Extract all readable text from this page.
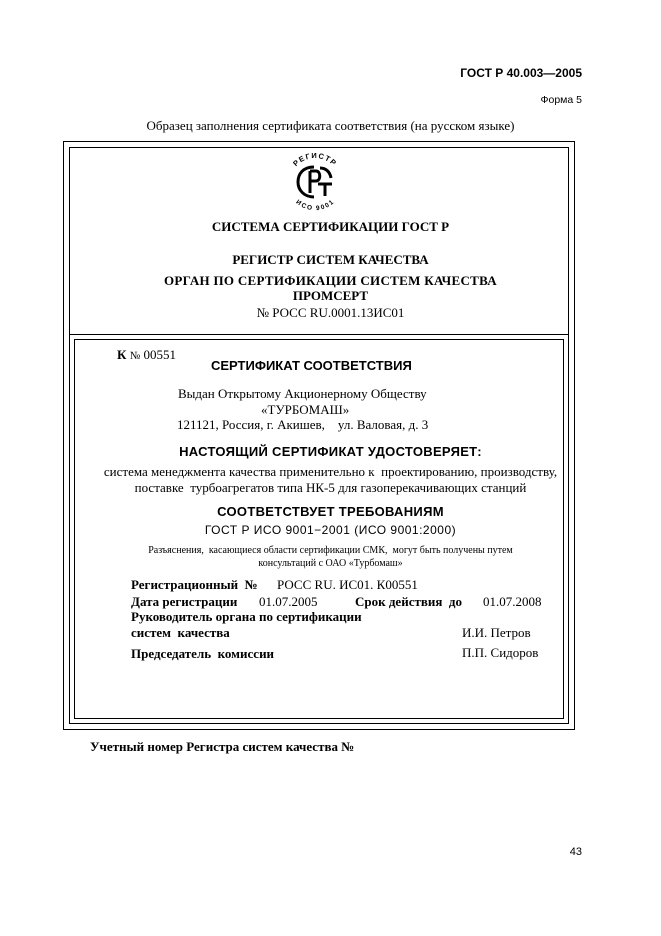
ГОСТ Р 40.003—2005
Форма 5
Образец заполнения сертификата соответствия (на русском языке)
РЕГИСТР
ИСО 9001
СИСТЕМА СЕРТИФИКАЦИИ ГОСТ Р
РЕГИСТР СИСТЕМ КАЧЕСТВА
ОРГАН ПО СЕРТИФИКАЦИИ СИСТЕМ КАЧЕСТВА
ПРОМСЕРТ
№ РОСС RU.0001.13ИС01
К № 00551
СЕРТИФИКАТ СООТВЕТСТВИЯ
Выдан Открытому Акционерному Обществу
«ТУРБОМАШ»
121121, Россия, г. Акишев,    ул. Валовая, д. 3
НАСТОЯЩИЙ СЕРТИФИКАТ УДОСТОВЕРЯЕТ:
система менеджмента качества применительно к  проектированию, производству,
поставке  турбоагрегатов типа НК-5 для газоперекачивающих станций
СООТВЕТСТВУЕТ ТРЕБОВАНИЯМ
ГОСТ Р ИСО 9001−2001 (ИСО 9001:2000)
Разъяснения,  касающиеся области сертификации СМК,  могут быть получены путем
консультаций с ОАО «Турбомаш»
Регистрационный  № РОСС RU. ИС01. К00551
Дата регистрации 01.07.2005	Срок действия  до 01.07.2008
Руководитель органа по сертификации
систем  качества	И.И. Петров
Председатель  комиссии	П.П. Сидоров
Учетный номер Регистра систем качества №
43
